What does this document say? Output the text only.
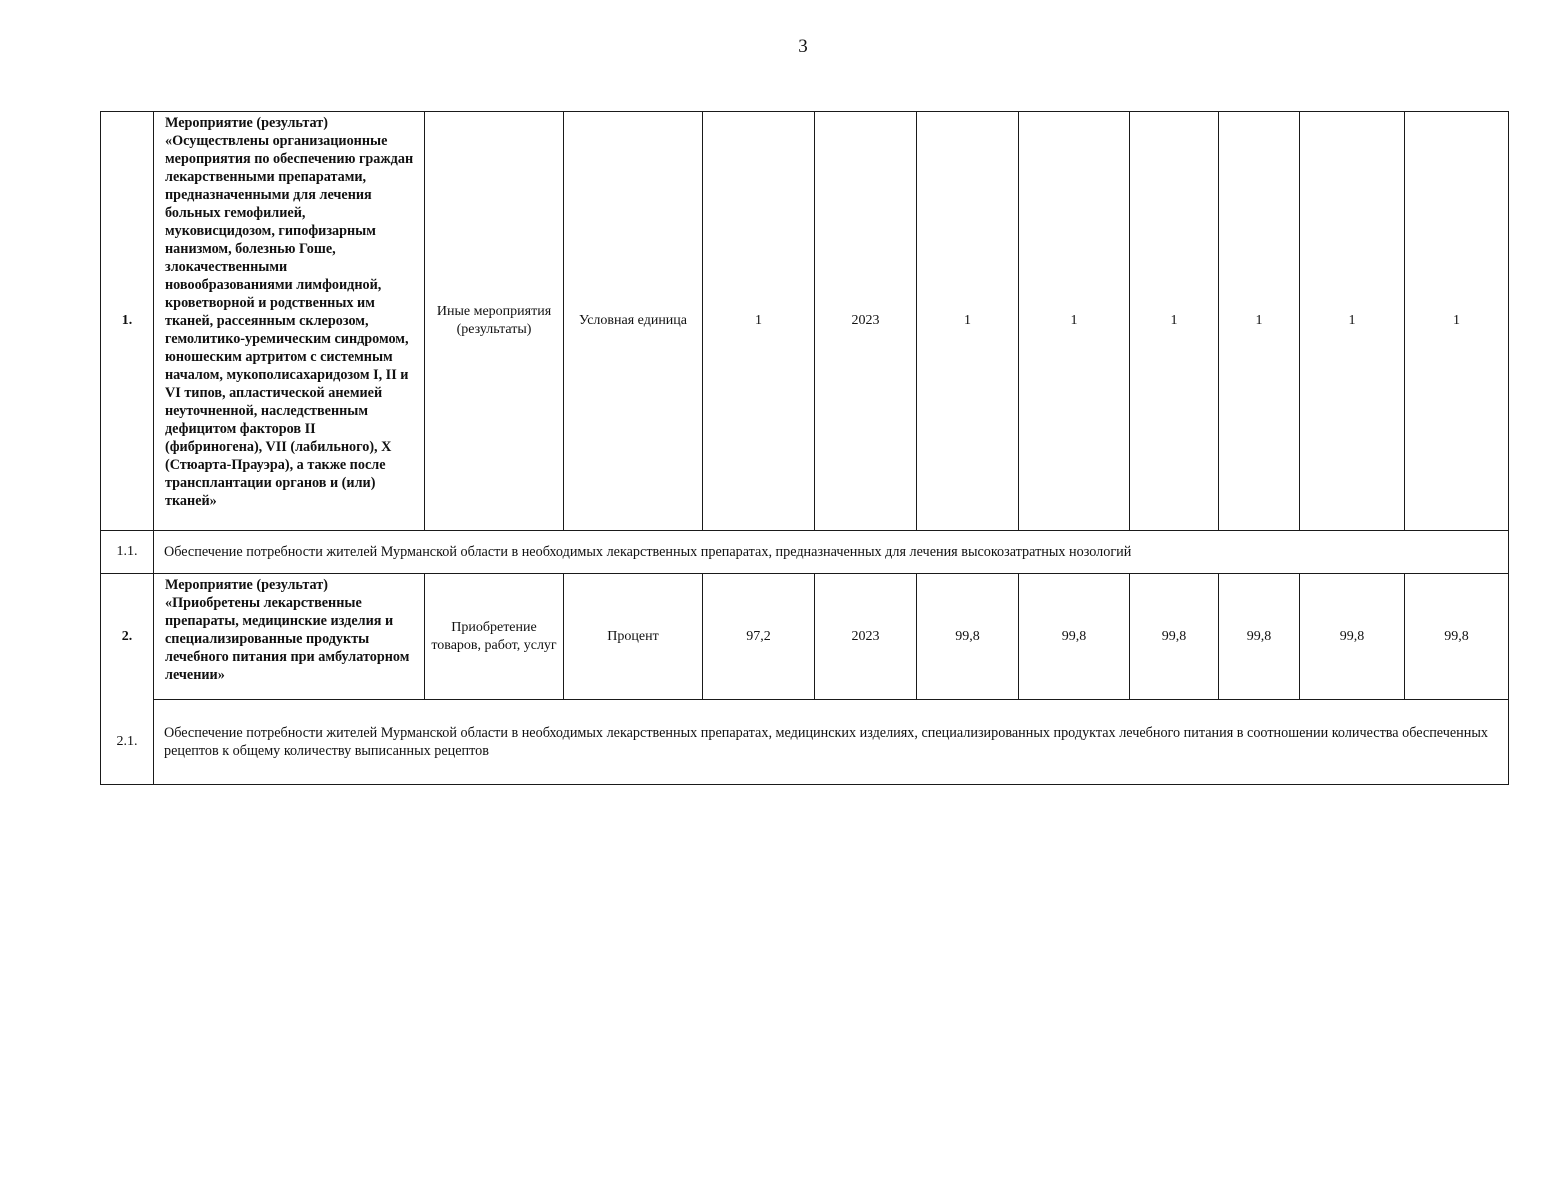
3
1.	Мероприятие (результат) «Осуществлены организационные мероприятия по обеспечению граждан лекарственными препаратами, предназначенными для лечения больных гемофилией, муковисцидозом, гипофизарным нанизмом, болезнью Гоше, злокачественными новообразованиями лимфоидной, кроветворной и родственных им тканей, рассеянным склерозом, гемолитико-уремическим синдромом, юношеским артритом с системным началом, мукополисахаридозом I, II и VI типов, апластической анемией неуточненной, наследственным дефицитом факторов II (фибриногена), VII (лабильного), X (Стюарта-Прауэра), а также после трансплантации органов и (или) тканей»	Иные мероприятия (результаты)	Условная единица	1	2023	1	1	1	1	1	1
1.1.	Обеспечение потребности жителей Мурманской области в необходимых лекарственных препаратах, предназначенных для лечения высокозатратных нозологий										
2.	Мероприятие (результат) «Приобретены лекарственные препараты, медицинские изделия и специализированные продукты лечебного питания при амбулаторном лечении»	Приобретение товаров, работ, услуг	Процент	97,2	2023	99,8	99,8	99,8	99,8	99,8	99,8
2.1.	Обеспечение потребности жителей Мурманской области в необходимых лекарственных препаратах, медицинских изделиях, специализированных продуктах лечебного питания в соотношении количества обеспеченных рецептов к общему количеству выписанных рецептов										
